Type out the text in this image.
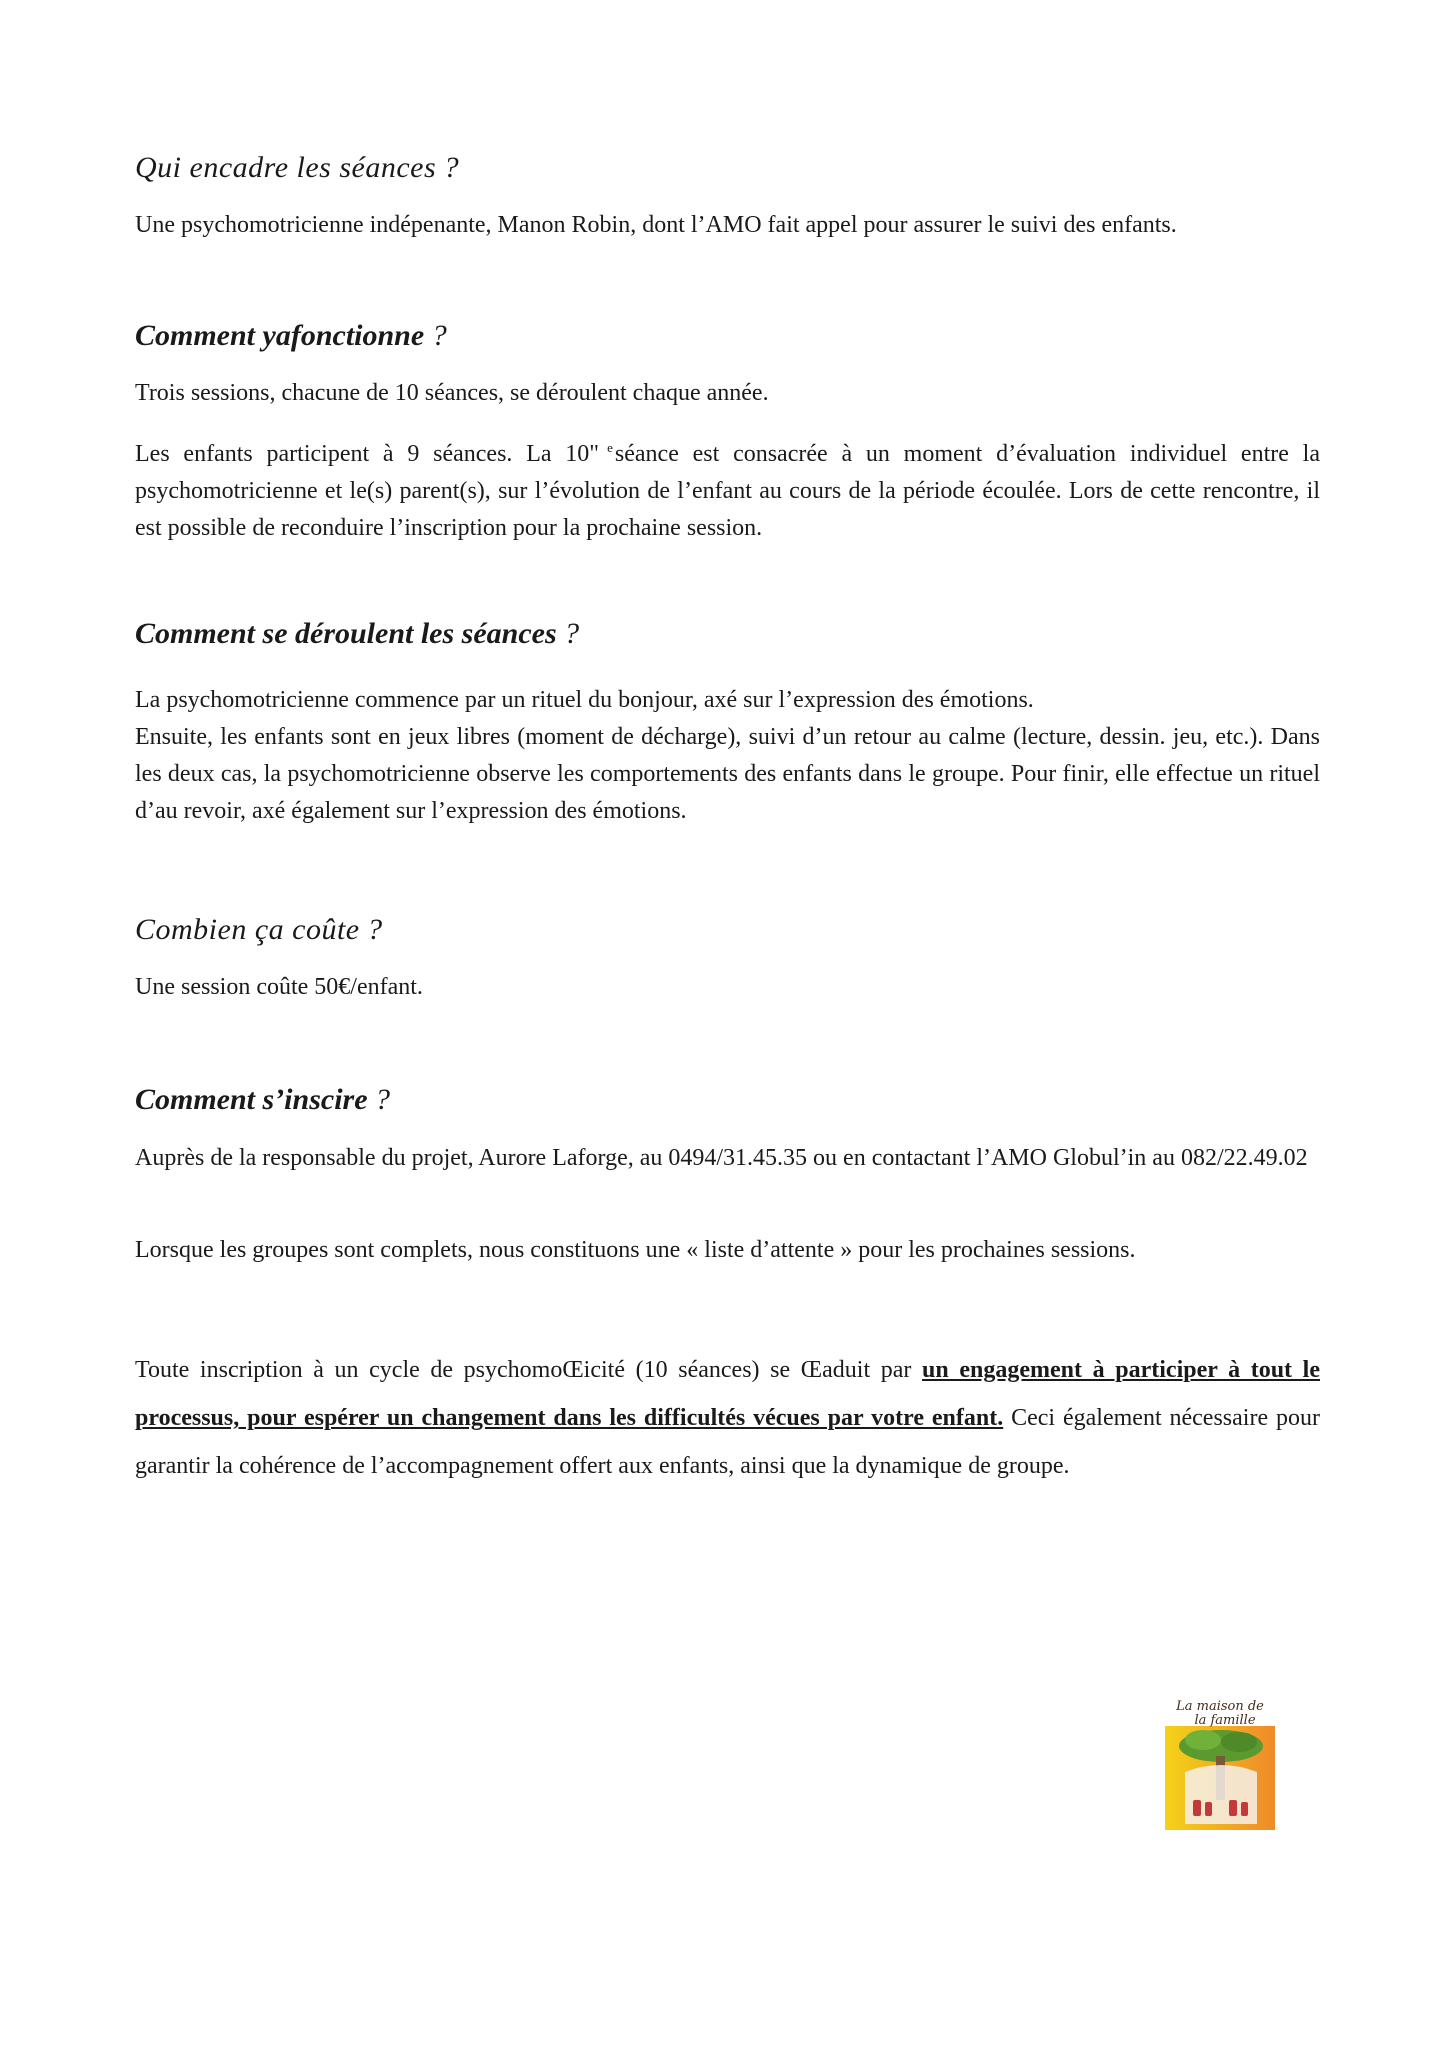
Qui encadre les séances ?

Une psychomotricienne indépenante, Manon Robin, dont l’AMO fait appel pour assurer le suivi des enfants.

Comment yafonctionne ?

Trois sessions, chacune de 10 séances, se déroulent chaque année.

Les enfants participent à 9 séances. La 10" $^e$séance est consacrée à un moment d’évaluation individuel entre la psychomotricienne et le(s) parent(s), sur l’évolution de l’enfant au cours de la période écoulée. Lors de cette rencontre, il est possible de reconduire l’inscription pour la prochaine session.

Comment se déroulent les séances ?

La psychomotricienne commence par un rituel du bonjour, axé sur l’expression des émotions.
Ensuite, les enfants sont en jeux libres (moment de décharge), suivi d’un retour au calme (lecture, dessin. jeu, etc.). Dans les deux cas, la psychomotricienne observe les comportements des enfants dans le groupe. Pour finir, elle effectue un rituel d’au revoir, axé également sur l’expression des émotions.

Combien ça coûte ?

Une session coûte 50€/enfant.

Comment s’inscire ?

Auprès de la responsable du projet, Aurore Laforge, au 0494/31.45.35 ou en contactant l’AMO Globul’in au 082/22.49.02

Lorsque les groupes sont complets, nous constituons une « liste d’attente » pour les prochaines sessions.

Toute inscription à un cycle de psychomoŒicité (10 séances) se Œaduit par un engagement à participer à tout le processus, pour espérer un changement dans les difficultés vécues par votre enfant. Ceci également nécessaire pour garantir la cohérence de l’accompagnement offert aux enfants, ainsi que la dynamique de groupe.

La maison de
la famille
